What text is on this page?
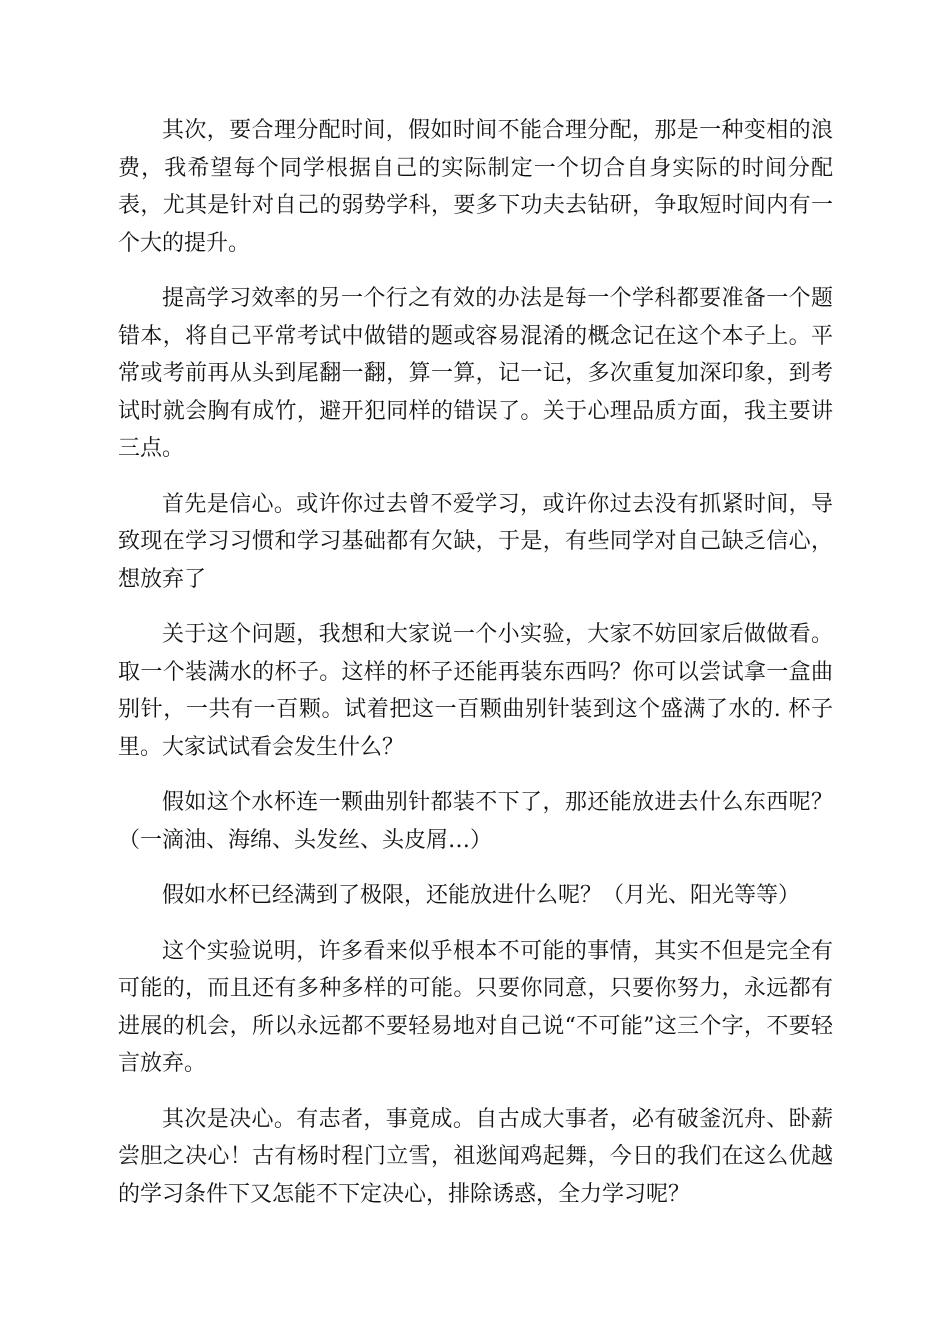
其次，要合理分配时间，假如时间不能合理分配，那是一种变相的浪费，我希望每个同学根据自己的实际制定一个切合自身实际的时间分配表，尤其是针对自己的弱势学科，要多下功夫去钻研，争取短时间内有一个大的提升。

提高学习效率的另一个行之有效的办法是每一个学科都要准备一个题错本，将自己平常考试中做错的题或容易混淆的概念记在这个本子上。平常或考前再从头到尾翻一翻，算一算，记一记，多次重复加深印象，到考试时就会胸有成竹，避开犯同样的错误了。关于心理品质方面，我主要讲三点。

首先是信心。或许你过去曾不爱学习，或许你过去没有抓紧时间，导致现在学习习惯和学习基础都有欠缺，于是，有些同学对自己缺乏信心，想放弃了

关于这个问题，我想和大家说一个小实验，大家不妨回家后做做看。取一个装满水的杯子。这样的杯子还能再装东西吗？你可以尝试拿一盒曲别针，一共有一百颗。试着把这一百颗曲别针装到这个盛满了水的. 杯子里。大家试试看会发生什么？

假如这个水杯连一颗曲别针都装不下了，那还能放进去什么东西呢？（一滴油、海绵、头发丝、头皮屑…）

假如水杯已经满到了极限，还能放进什么呢？（月光、阳光等等）

这个实验说明，许多看来似乎根本不可能的事情，其实不但是完全有可能的，而且还有多种多样的可能。只要你同意，只要你努力，永远都有进展的机会，所以永远都不要轻易地对自己说“不可能”这三个字，不要轻言放弃。

其次是决心。有志者，事竟成。自古成大事者，必有破釜沉舟、卧薪尝胆之决心！古有杨时程门立雪，祖逖闻鸡起舞，今日的我们在这么优越的学习条件下又怎能不下定决心，排除诱惑，全力学习呢？
